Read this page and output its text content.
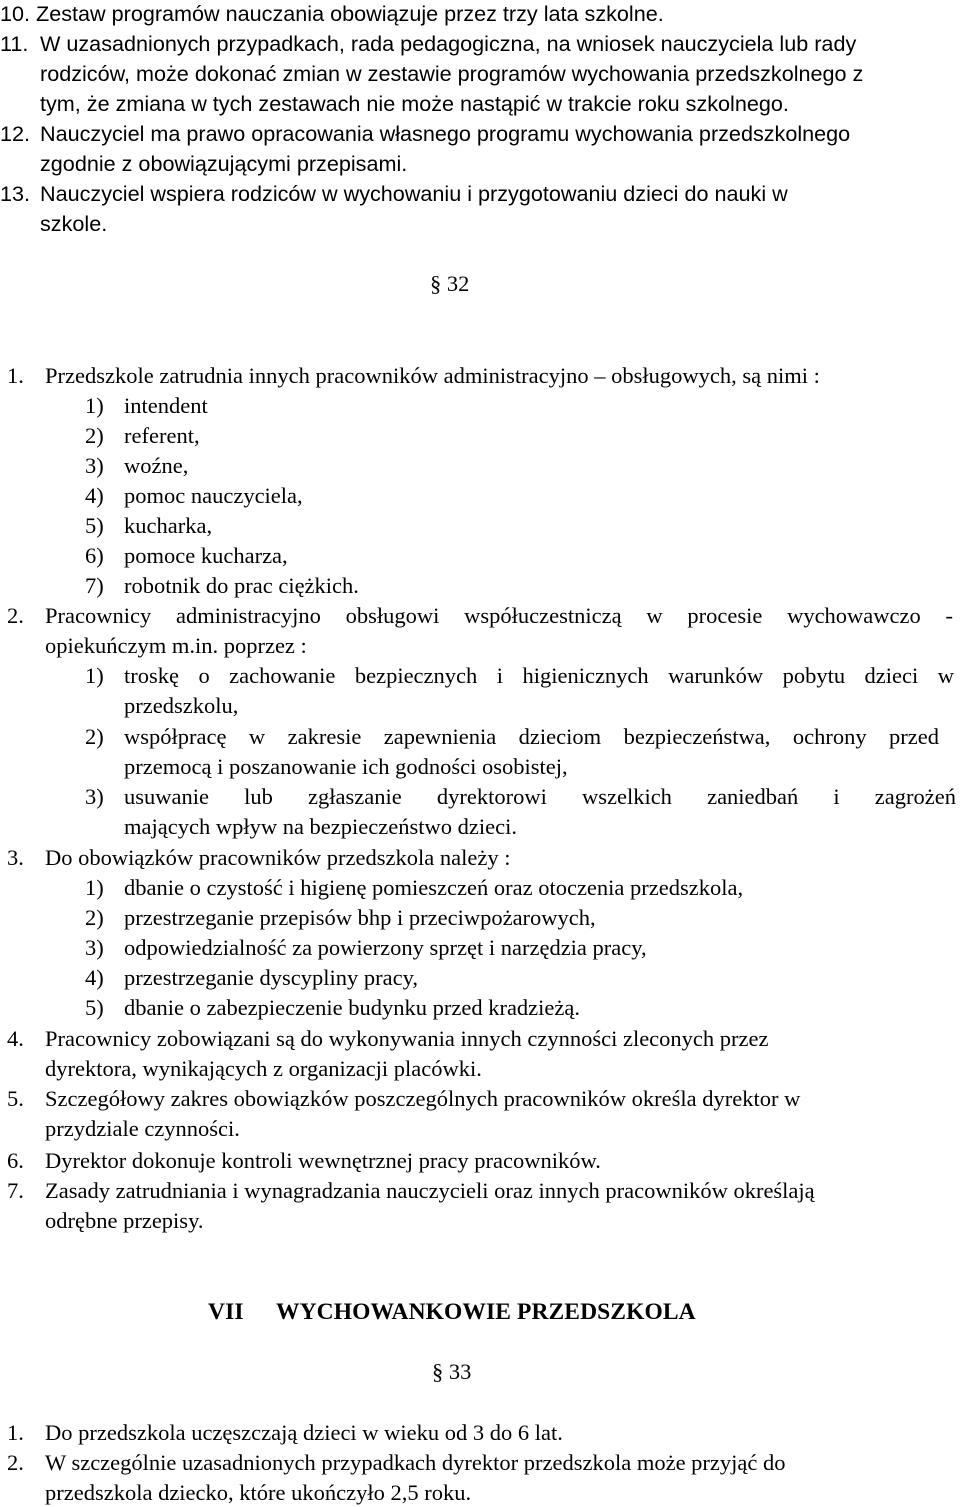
10. Zestaw programów nauczania obowiązuje przez trzy lata szkolne.
11. W uzasadnionych przypadkach, rada pedagogiczna, na wniosek nauczyciela lub rady
rodziców, może dokonać zmian w zestawie programów wychowania przedszkolnego z
tym, że zmiana w tych zestawach nie może nastąpić w trakcie roku szkolnego.
12. Nauczyciel ma prawo opracowania własnego programu wychowania przedszkolnego
zgodnie z obowiązującymi przepisami.
13. Nauczyciel wspiera rodziców w wychowaniu i przygotowaniu dzieci do nauki w
szkole.
§ 32
1. Przedszkole zatrudnia innych pracowników administracyjno – obsługowych, są nimi :
1) intendent
2) referent,
3) woźne,
4) pomoc nauczyciela,
5) kucharka,
6) pomoce kucharza,
7) robotnik do prac ciężkich.
2. Pracownicy administracyjno obsługowi współuczestniczą w procesie wychowawczo -
opiekuńczym m.in. poprzez :
1) troskę o zachowanie bezpiecznych i higienicznych warunków pobytu dzieci w
przedszkolu,
2) współpracę w zakresie zapewnienia dzieciom bezpieczeństwa, ochrony przed
przemocą i poszanowanie ich godności osobistej,
3) usuwanie lub zgłaszanie dyrektorowi wszelkich zaniedbań i zagrożeń
mających wpływ na bezpieczeństwo dzieci.
3. Do obowiązków pracowników przedszkola należy :
1) dbanie o czystość i higienę pomieszczeń oraz otoczenia przedszkola,
2) przestrzeganie przepisów bhp i przeciwpożarowych,
3) odpowiedzialność za powierzony sprzęt i narzędzia pracy,
4) przestrzeganie dyscypliny pracy,
5) dbanie o zabezpieczenie budynku przed kradzieżą.
4. Pracownicy zobowiązani są do wykonywania innych czynności zleconych przez
dyrektora, wynikających z organizacji placówki.
5. Szczegółowy zakres obowiązków poszczególnych pracowników określa dyrektor w
przydziale czynności.
6. Dyrektor dokonuje kontroli wewnętrznej pracy pracowników.
7. Zasady zatrudniania i wynagradzania nauczycieli oraz innych pracowników określają
odrębne przepisy.
VII WYCHOWANKOWIE PRZEDSZKOLA
§ 33
1. Do przedszkola uczęszczają dzieci w wieku od 3 do 6 lat.
2. W szczególnie uzasadnionych przypadkach dyrektor przedszkola może przyjąć do
przedszkola dziecko, które ukończyło 2,5 roku.
